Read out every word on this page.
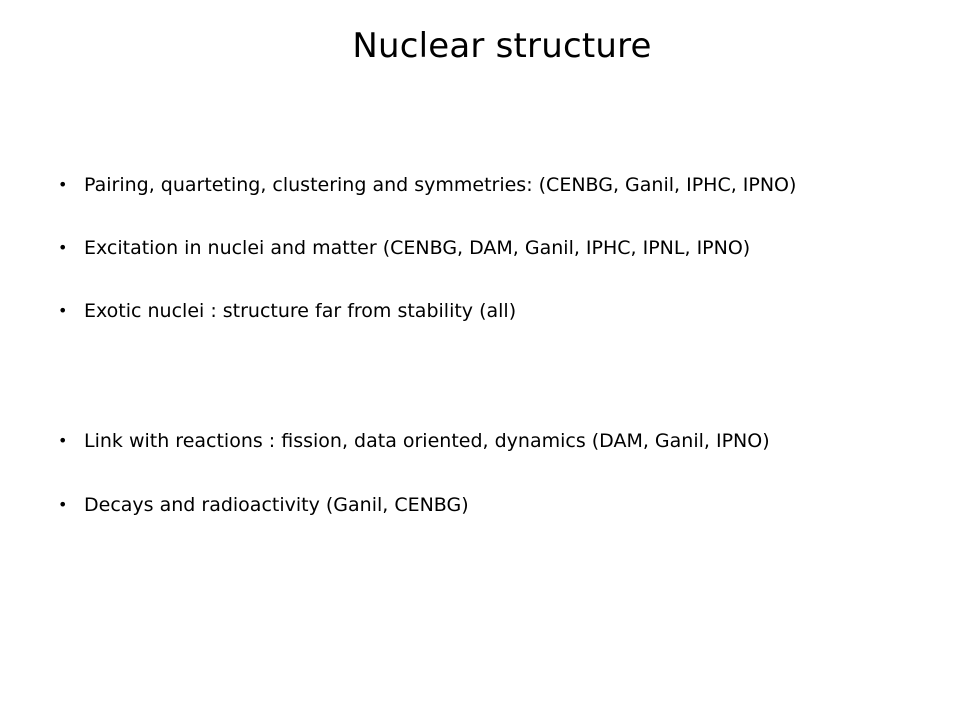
Nuclear structure
• Pairing, quarteting, clustering and symmetries: (CENBG, Ganil, IPHC, IPNO)
• Excitation in nuclei and matter (CENBG, DAM, Ganil, IPHC, IPNL, IPNO)
• Exotic nuclei : structure far from stability (all)
• Link with reactions : fission, data oriented, dynamics (DAM, Ganil, IPNO)
• Decays and radioactivity (Ganil, CENBG)
